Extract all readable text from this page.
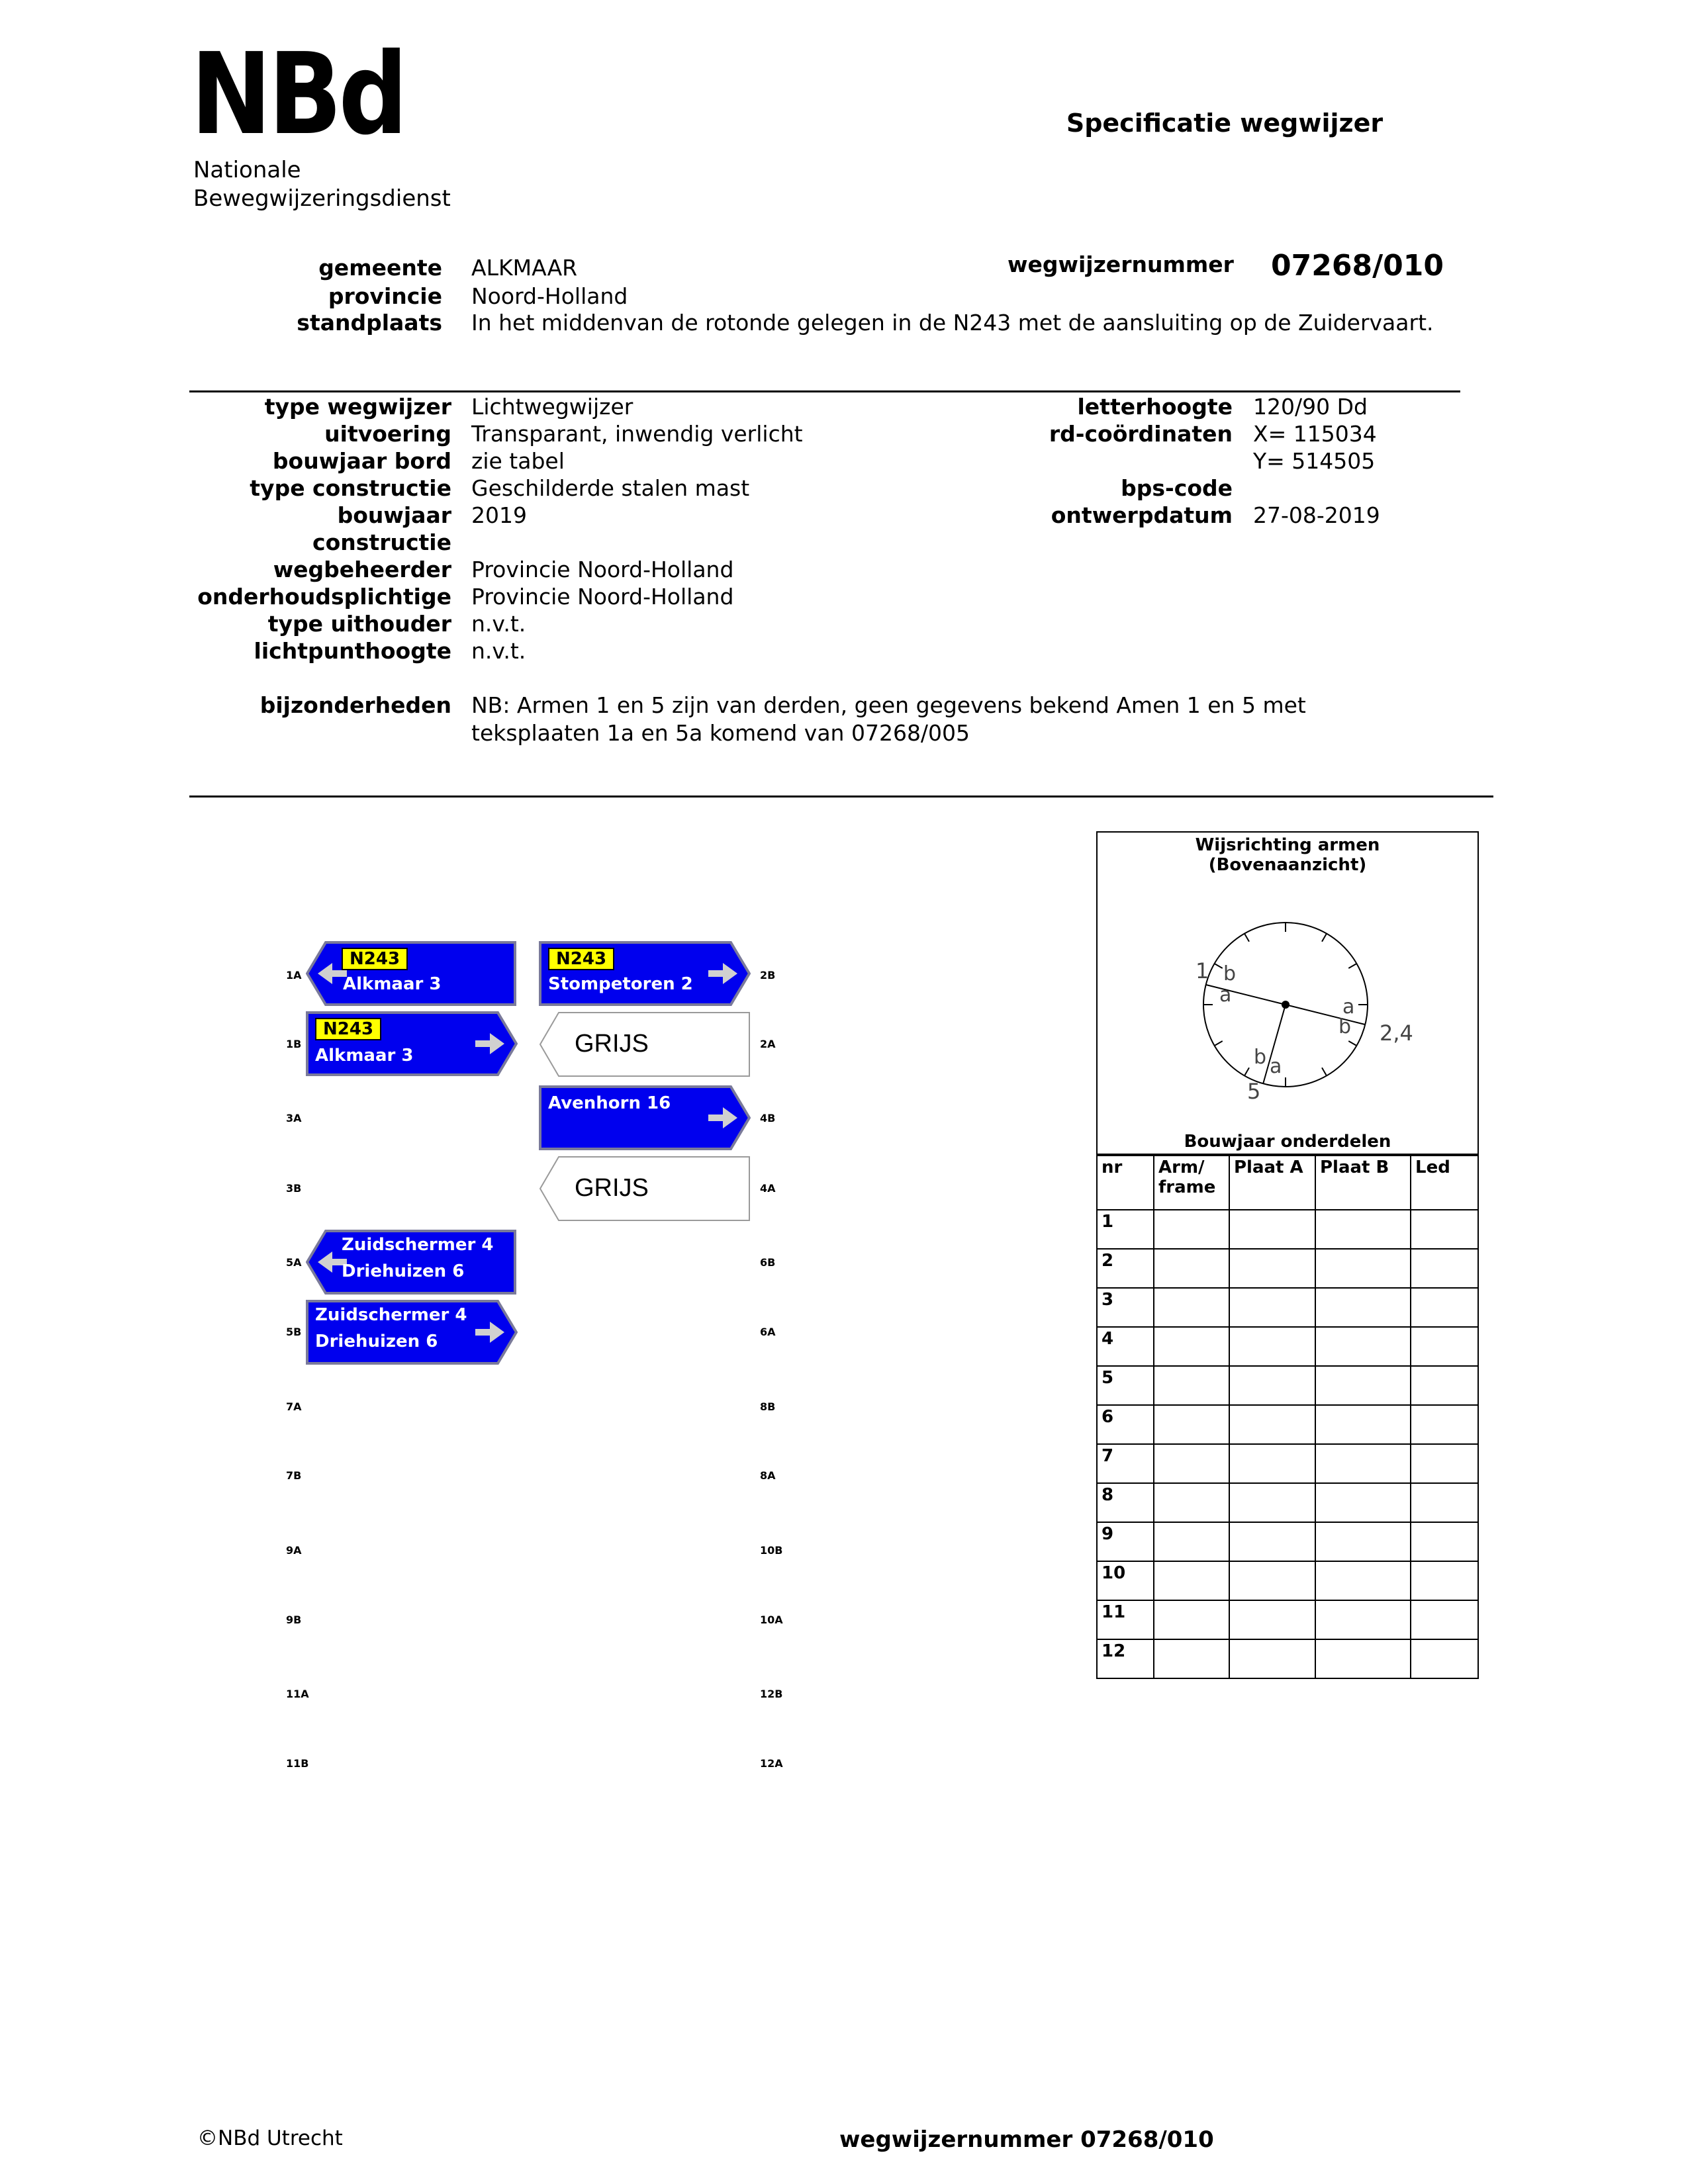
NBd
Nationale
Bewegwijzeringsdienst
Specificatie wegwijzer
gemeente ALKMAAR
provincie Noord-Holland
standplaats In het middenvan de rotonde gelegen in de N243 met de aansluiting op de Zuidervaart.
wegwijzernummer 07268/010
type wegwijzer Lichtwegwijzer
uitvoering Transparant, inwendig verlicht
bouwjaar bord zie tabel
type constructie Geschilderde stalen mast
bouwjaar 2019
constructie
wegbeheerder Provincie Noord-Holland
onderhoudsplichtige Provincie Noord-Holland
type uithouder n.v.t.
lichtpunthoogte n.v.t.
letterhoogte 120/90 Dd
rd-coördinaten X= 115034
Y= 514505
bps-code
ontwerpdatum 27-08-2019
bijzonderheden NB: Armen 1 en 5 zijn van derden, geen gegevens bekend Amen 1 en 5 met
teksplaaten 1a en 5a komend van 07268/005
1A
1B
3A
3B
5A
5B
7A
7B
9A
9B
11A
11B
2B
2A
4B
4A
6B
6A
8B
8A
10B
10A
12B
12A
N243
Alkmaar 3
N243
Alkmaar 3
N243
Stompetoren 2
GRIJS
Avenhorn 16
GRIJS
Zuidschermer 4
Driehuizen 6
Zuidschermer 4
Driehuizen 6
Wijsrichting armen
(Bovenaanzicht)
1 b
a
a
b 2,4
b a
5
Bouwjaar onderdelen
nr	Arm/ frame	Plaat A	Plaat B	Led
1				
2				
3				
4				
5				
6				
7				
8				
9				
10				
11				
12				
©NBd Utrecht	wegwijzernummer 07268/010
